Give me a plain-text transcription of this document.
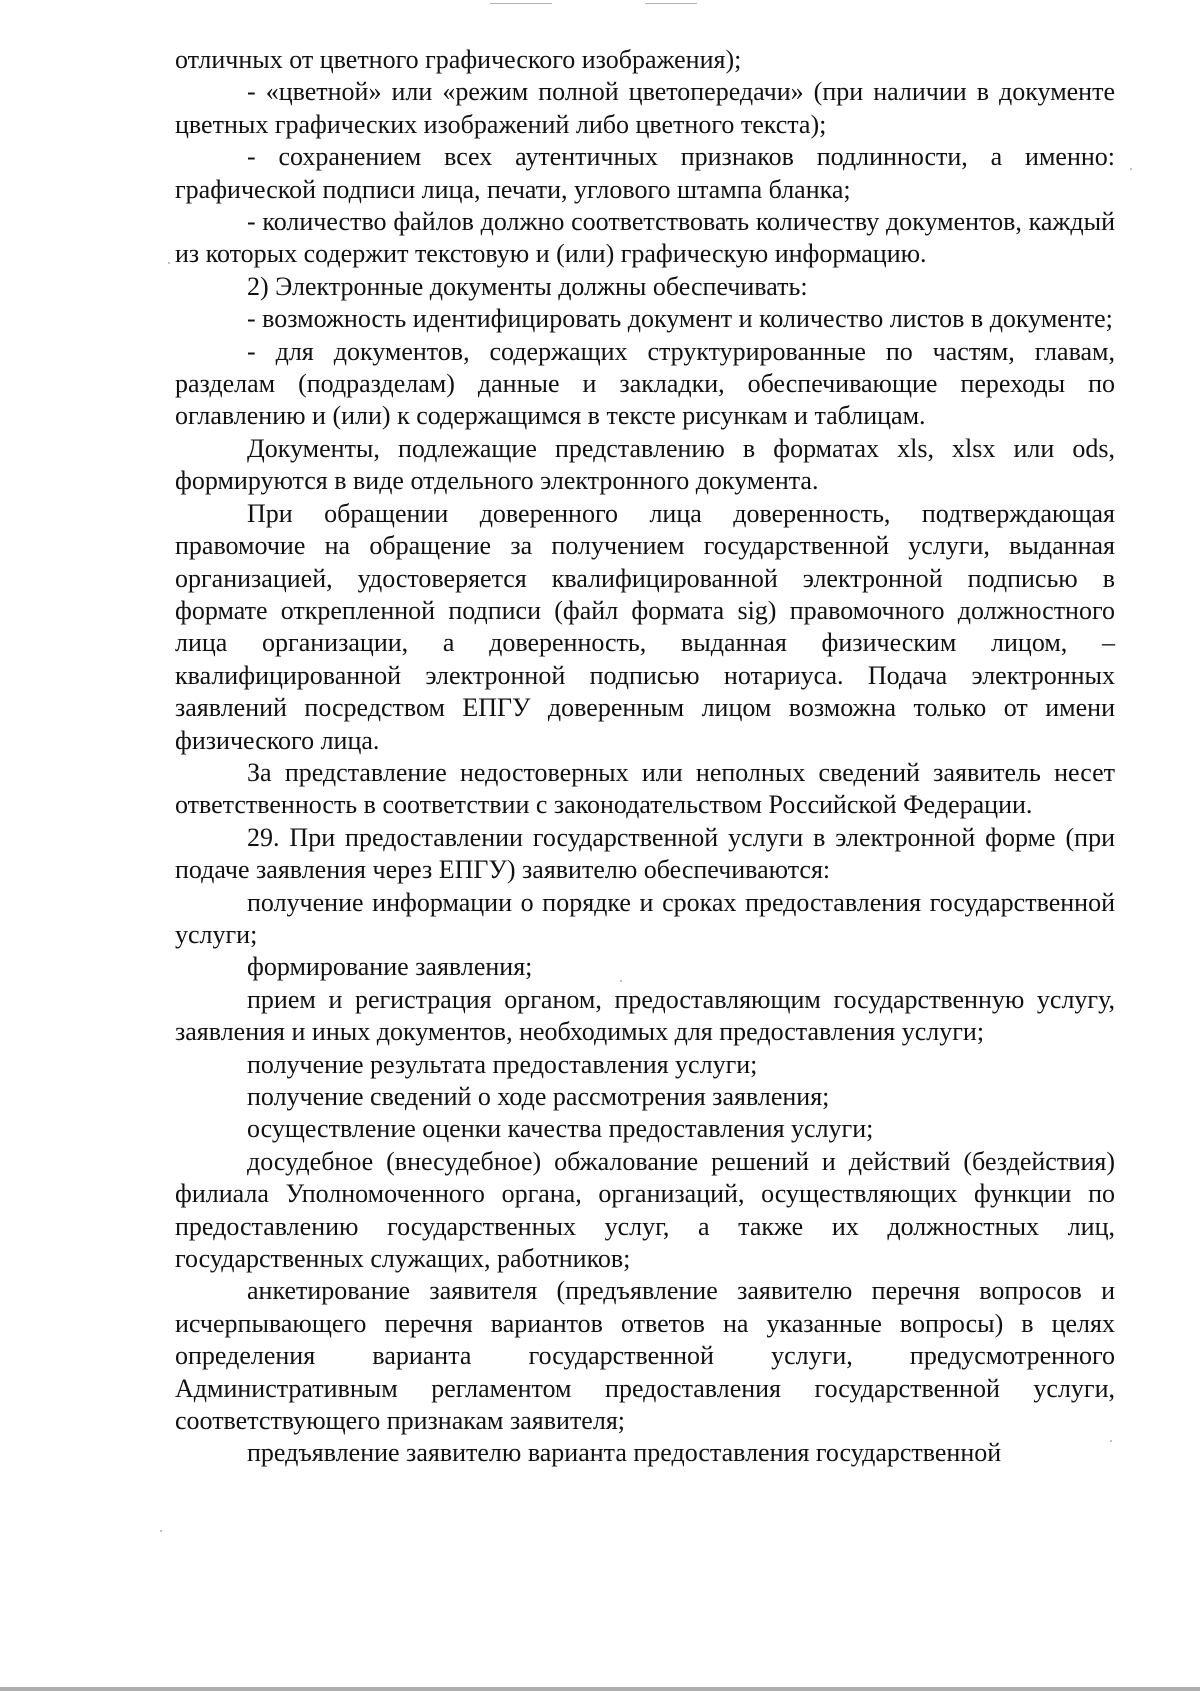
отличных от цветного графического изображения);

- «цветной» или «режим полной цветопередачи» (при наличии в документе цветных графических изображений либо цветного текста);

- сохранением всех аутентичных признаков подлинности, а именно: графической подписи лица, печати, углового штампа бланка;

- количество файлов должно соответствовать количеству документов, каждый из которых содержит текстовую и (или) графическую информацию.

2) Электронные документы должны обеспечивать:

- возможность идентифицировать документ и количество листов в документе;

- для документов, содержащих структурированные по частям, главам, разделам (подразделам) данные и закладки, обеспечивающие переходы по оглавлению и (или) к содержащимся в тексте рисункам и таблицам.

Документы, подлежащие представлению в форматах xls, xlsx или ods, формируются в виде отдельного электронного документа.

При обращении доверенного лица доверенность, подтверждающая правомочие на обращение за получением государственной услуги, выданная организацией, удостоверяется квалифицированной электронной подписью в формате открепленной подписи (файл формата sig) правомочного должностного лица организации, а доверенность, выданная физическим лицом, – квалифицированной электронной подписью нотариуса. Подача электронных заявлений посредством ЕПГУ доверенным лицом возможна только от имени физического лица.

За представление недостоверных или неполных сведений заявитель несет ответственность в соответствии с законодательством Российской Федерации.

29. При предоставлении государственной услуги в электронной форме (при подаче заявления через ЕПГУ) заявителю обеспечиваются:

получение информации о порядке и сроках предоставления государственной услуги;

формирование заявления;

прием и регистрация органом, предоставляющим государственную услугу, заявления и иных документов, необходимых для предоставления услуги;

получение результата предоставления услуги;

получение сведений о ходе рассмотрения заявления;

осуществление оценки качества предоставления услуги;

досудебное (внесудебное) обжалование решений и действий (бездействия) филиала Уполномоченного органа, организаций, осуществляющих функции по предоставлению государственных услуг, а также их должностных лиц, государственных служащих, работников;

анкетирование заявителя (предъявление заявителю перечня вопросов и исчерпывающего перечня вариантов ответов на указанные вопросы) в целях определения варианта государственной услуги, предусмотренного Административным регламентом предоставления государственной услуги, соответствующего признакам заявителя;

предъявление заявителю варианта предоставления государственной
